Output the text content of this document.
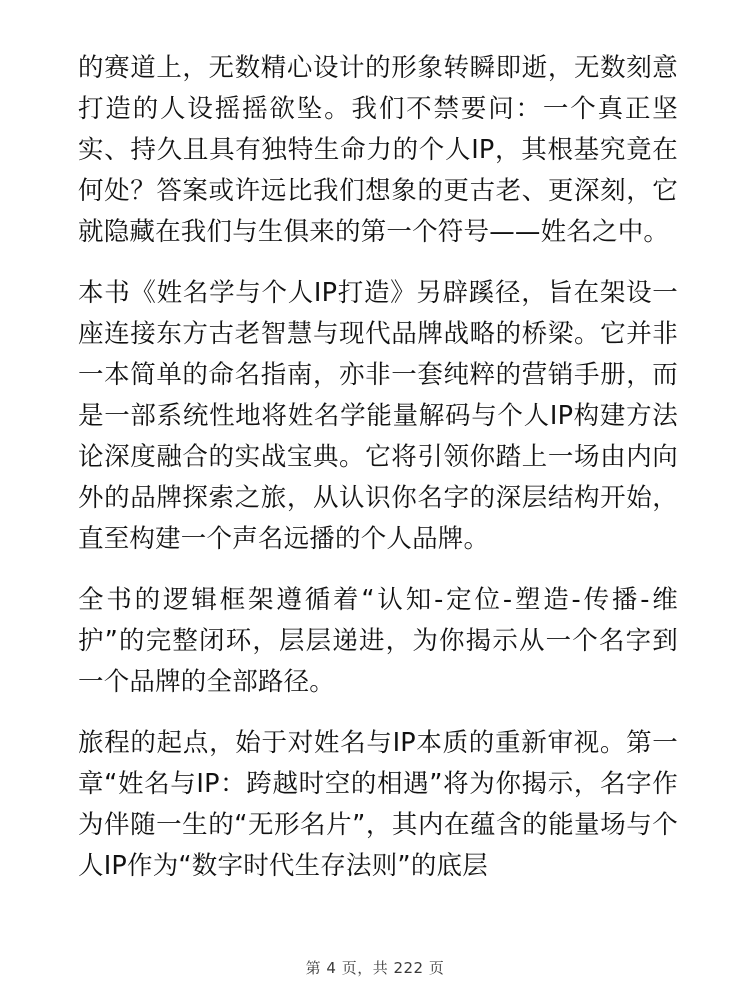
的赛道上，无数精心设计的形象转瞬即逝，无数刻意打造的人设摇摇欲坠。我们不禁要问：一个真正坚实、持久且具有独特生命力的个人IP，其根基究竟在何处？答案或许远比我们想象的更古老、更深刻，它就隐藏在我们与生俱来的第一个符号——姓名之中。

本书《姓名学与个人IP打造》另辟蹊径，旨在架设一座连接东方古老智慧与现代品牌战略的桥梁。它并非一本简单的命名指南，亦非一套纯粹的营销手册，而是一部系统性地将姓名学能量解码与个人IP构建方法论深度融合的实战宝典。它将引领你踏上一场由内向外的品牌探索之旅，从认识你名字的深层结构开始，直至构建一个声名远播的个人品牌。

全书的逻辑框架遵循着“认知-定位-塑造-传播-维护”的完整闭环，层层递进，为你揭示从一个名字到一个品牌的全部路径。

旅程的起点，始于对姓名与IP本质的重新审视。第一章“姓名与IP：跨越时空的相遇”将为你揭示，名字作为伴随一生的“无形名片”，其内在蕴含的能量场与个人IP作为“数字时代生存法则”的底层

第 4 页，共 222 页
